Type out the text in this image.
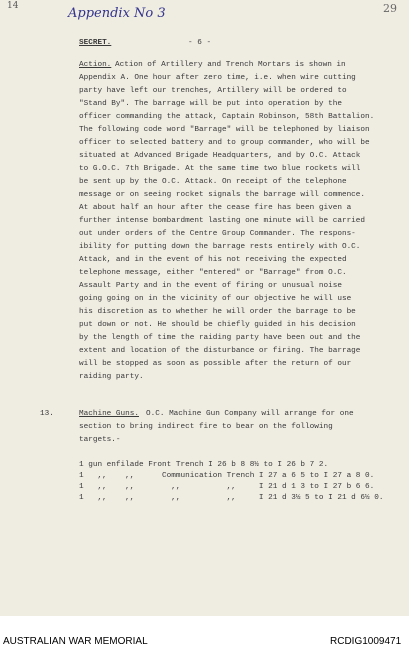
14	29
Appendix No 3

SECRET.

	- 6 -

Action.

Action of Artillery and Trench Mortars is shown in

Appendix A. One hour after zero time, i.e. when wire cutting

party have left our trenches, Artillery will be ordered to

"Stand By". The barrage will be put into operation by the

officer commanding the attack, Captain Robinson, 58th Battalion.

The following code word "Barrage" will be telephoned by liaison

officer to selected battery and to group commander, who will be

situated at Advanced Brigade Headquarters, and by O.C. Attack

to G.O.C. 7th Brigade. At the same time two blue rockets will

be sent up by the O.C. Attack. On receipt of the telephone

message or on seeing rocket signals the barrage will commence.

At about half an hour after the cease fire has been given a

further intense bombardment lasting one minute will be carried

out under orders of the Centre Group Commander. The respons-

ibility for putting down the barrage rests entirely with O.C.

Attack, and in the event of his not receiving the expected

telephone message, either "entered" or "Barrage" from O.C.

Assault Party and in the event of firing or unusual noise

going going on in the vicinity of our objective he will use

his discretion as to whether he will order the barrage to be

put down or not. He should be chiefly guided in his decision

by the length of time the raiding party have been out and the

extent and location of the disturbance or firing. The barrage

will be stopped as soon as possible after the return of our

raiding party.

13.

	Machine Guns.

O.C. Machine Gun Company will arrange for one

section to bring indirect fire to bear on the following

targets.-

1 gun enfilade Front Trench I 26 b 8 8½ to I 26 b 7 2.

1   ,,    ,,      Communication Trench I 27 a 6 5 to I 27 a 8 0.

1   ,,    ,,        ,,          ,,     I 21 d 1 3 to I 27 b 6 6.

1   ,,    ,,        ,,          ,,     I 21 d 3½ 5 to I 21 d 6½ 0.

AUSTRALIAN WAR MEMORIAL	RCDIG1009471
